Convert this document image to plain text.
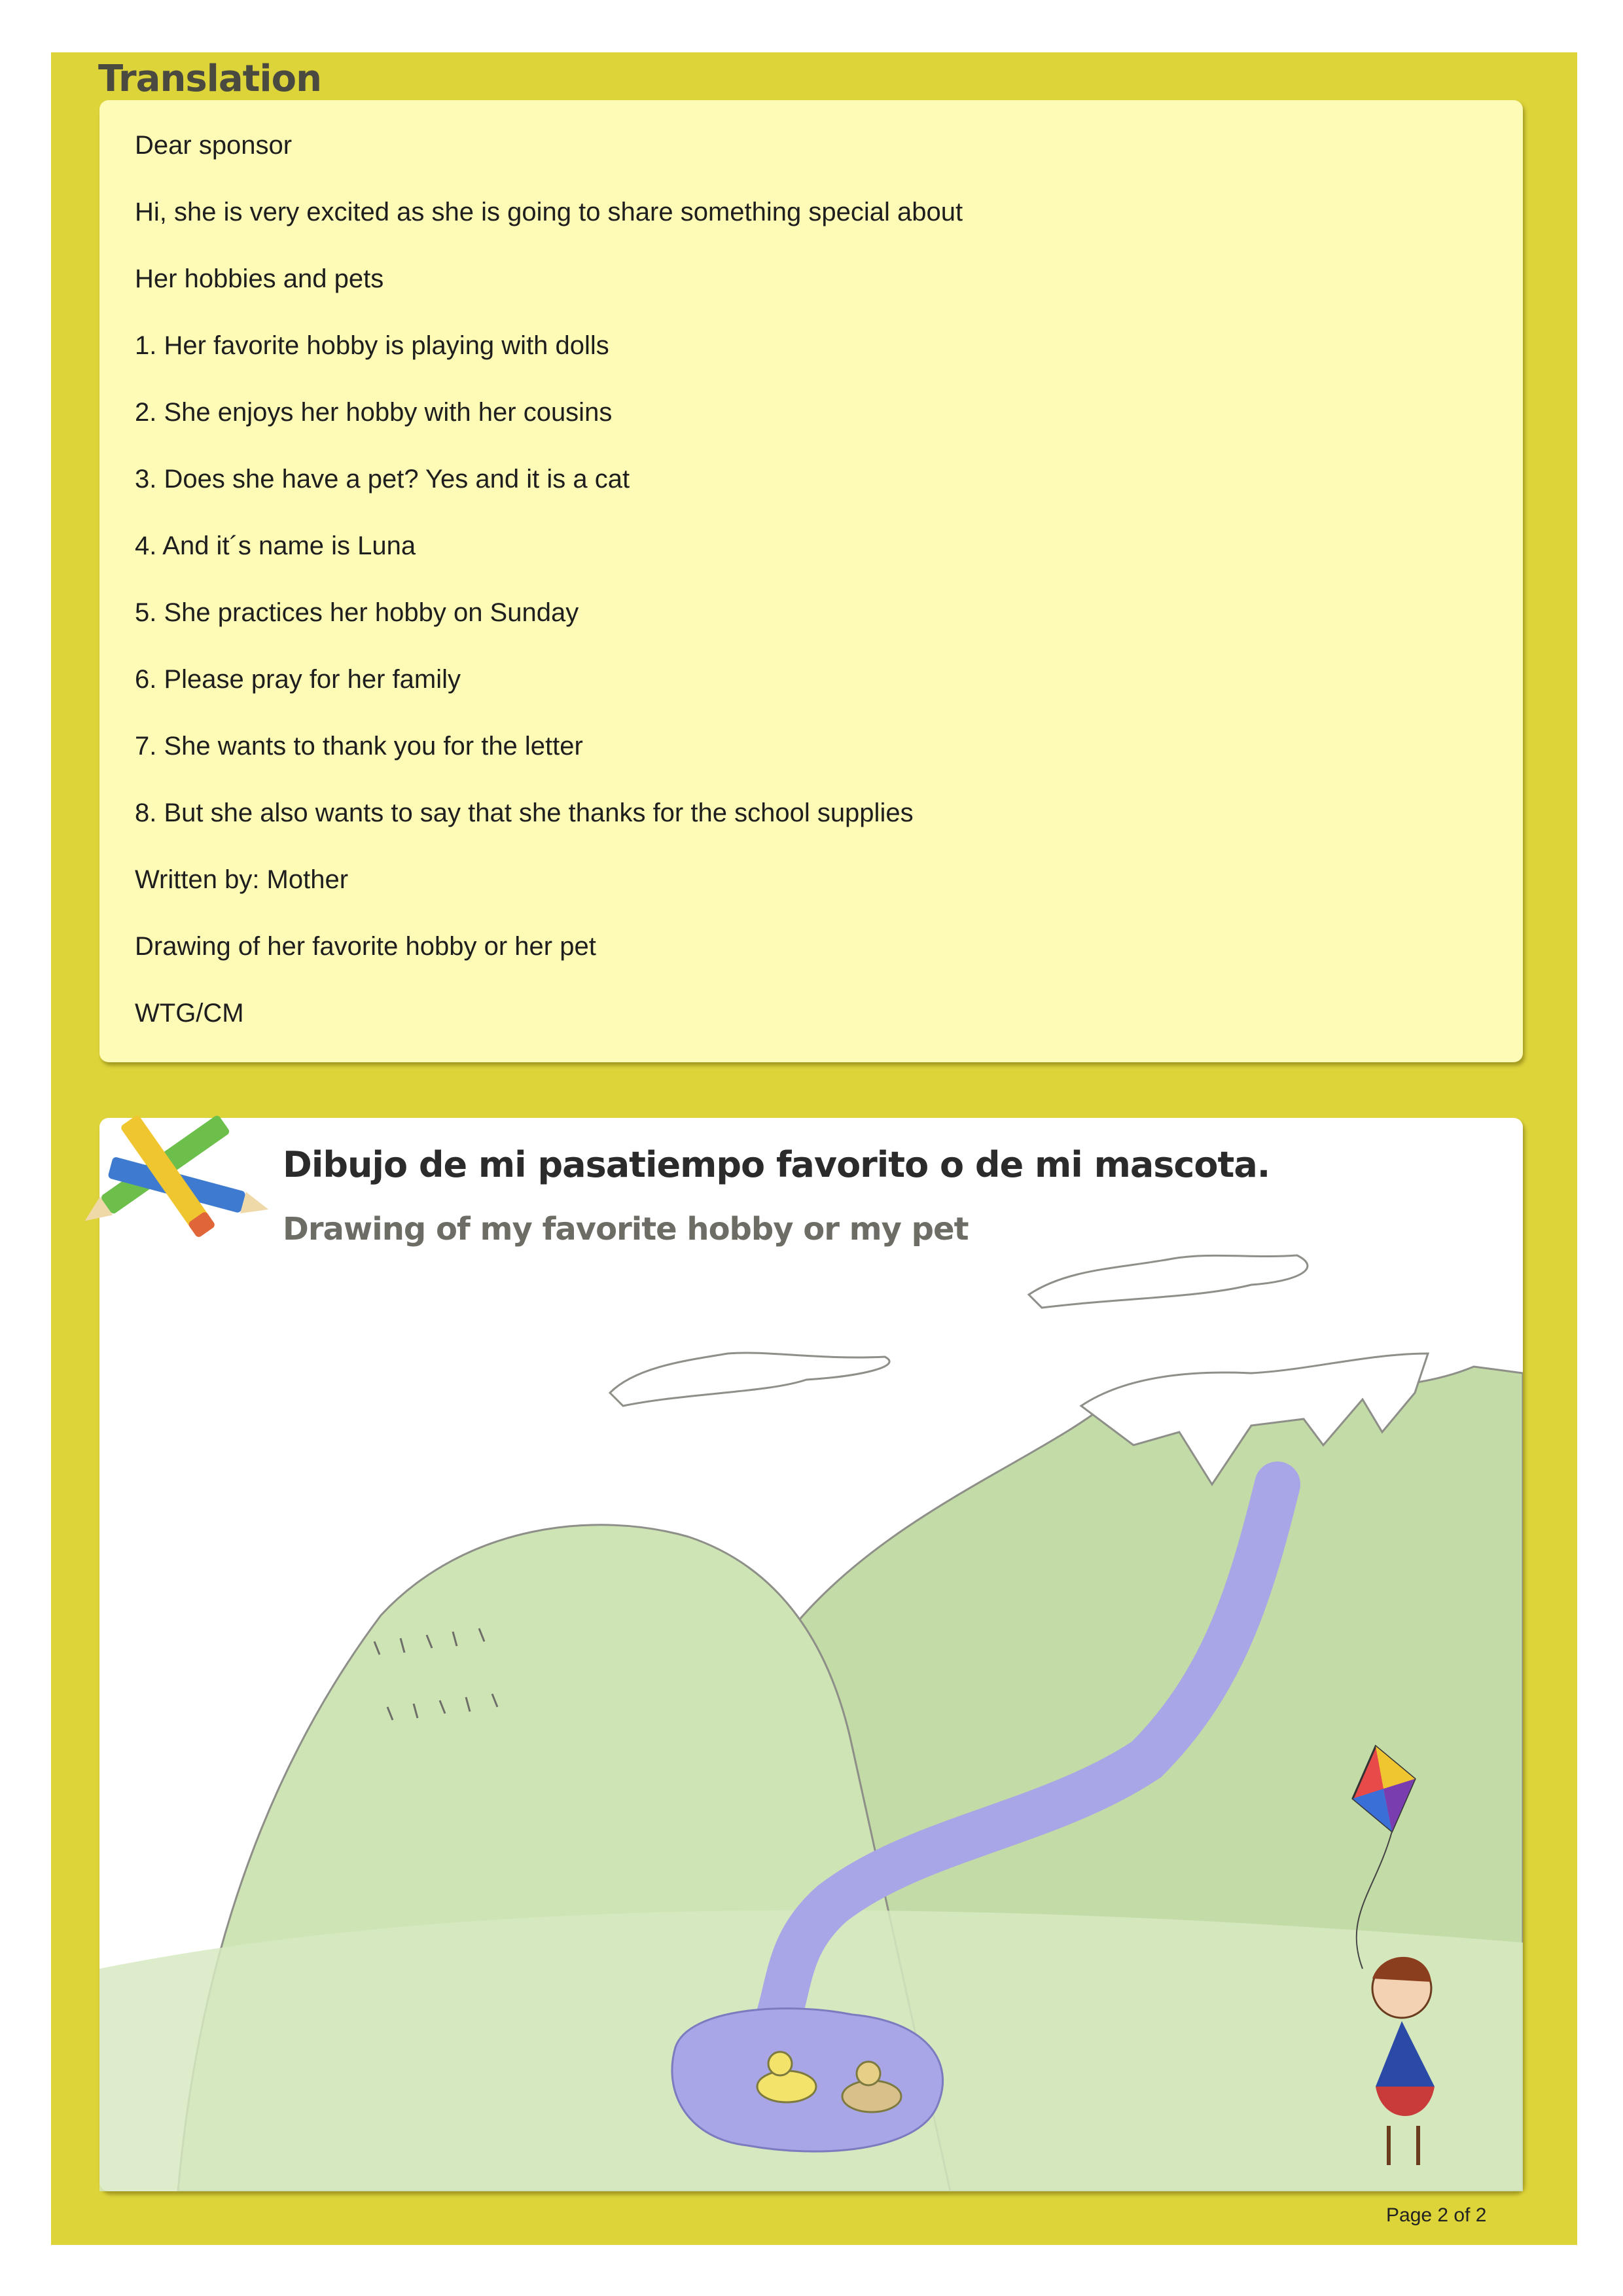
Translation
Dear sponsor
Hi, she is very excited as she is going to share something special about
Her hobbies and pets
1. Her favorite hobby is playing with dolls
2. She enjoys her hobby with her cousins
3. Does she have a pet? Yes and it is a cat
4. And it´s name is Luna
5. She practices her hobby on Sunday
6. Please pray for her family
7. She wants to thank you for the letter
8. But she also wants to say that she thanks for the school supplies
Written by: Mother
Drawing of her favorite hobby or her pet
WTG/CM
Dibujo de mi pasatiempo favorito o de mi mascota.
Drawing of my favorite hobby or my pet
Page 2 of 2
